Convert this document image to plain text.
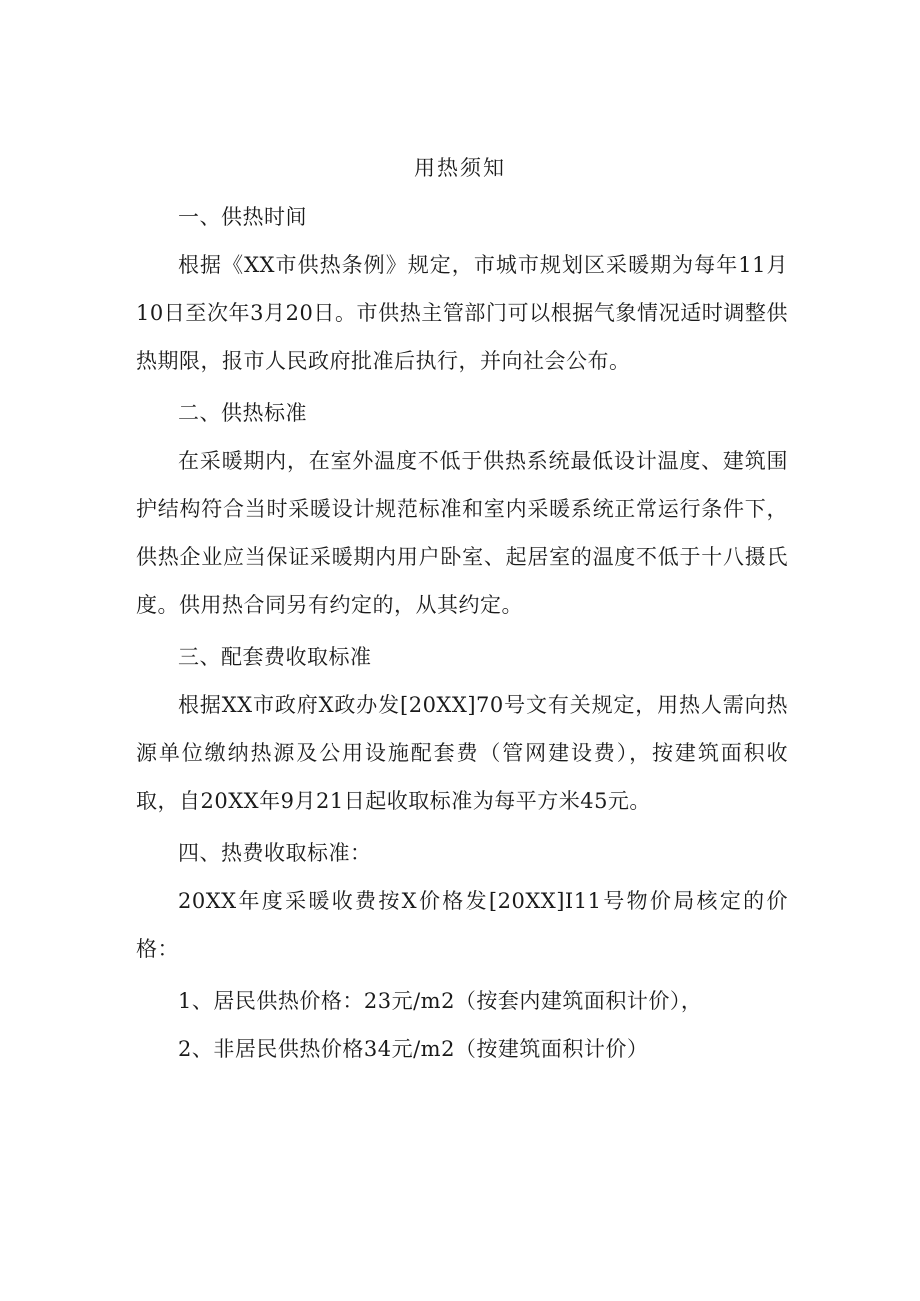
用热须知

一、供热时间

根据《XX市供热条例》规定，市城市规划区采暖期为每年11月10日至次年3月20日。市供热主管部门可以根据气象情况适时调整供热期限，报市人民政府批准后执行，并向社会公布。

二、供热标准

在采暖期内，在室外温度不低于供热系统最低设计温度、建筑围护结构符合当时采暖设计规范标准和室内采暖系统正常运行条件下，供热企业应当保证采暖期内用户卧室、起居室的温度不低于十八摄氏度。供用热合同另有约定的，从其约定。

三、配套费收取标准

根据XX市政府X政办发[20XX]70号文有关规定，用热人需向热源单位缴纳热源及公用设施配套费（管网建设费），按建筑面积收取，自20XX年9月21日起收取标准为每平方米45元。

四、热费收取标准：

20XX年度采暖收费按X价格发[20XX]I11号物价局核定的价格：

1、居民供热价格：23元/m2（按套内建筑面积计价），

2、非居民供热价格34元/m2（按建筑面积计价）
